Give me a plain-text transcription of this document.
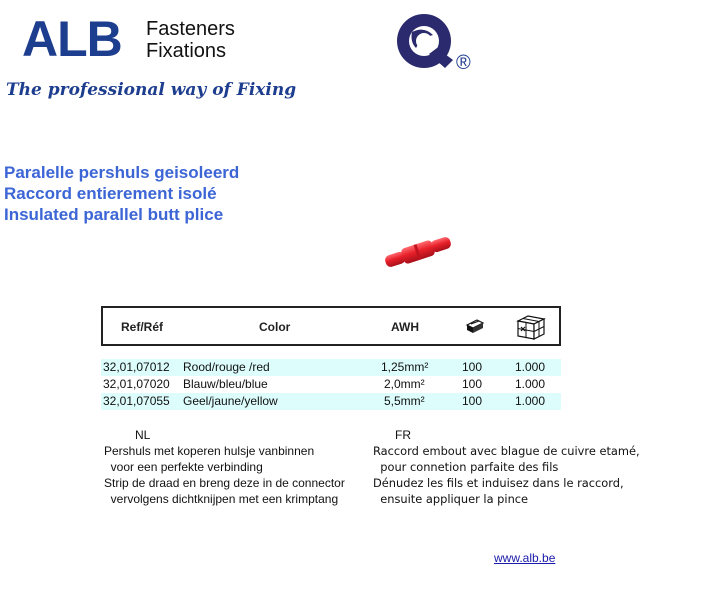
ALB Fasteners
Fixations
®
The professional way of Fixing
Paralelle pershuls geisoleerd
Raccord entierement isolé
Insulated parallel butt plice
Ref/Réf	Color	AWH
32,01,07012 Rood/rouge /red	1,25mm²	100	1.000
32,01,07020 Blauw/bleu/blue	2,0mm²	100	1.000
32,01,07055 Geel/jaune/yellow	5,5mm²	100	1.000
NL	FR
Pershuls met koperen hulsje vanbinnen
voor een perfekte verbinding
Strip de draad en breng deze in de connector
vervolgens dichtknijpen met een krimptang
Raccord embout avec blague de cuivre etamé,
pour connetion parfaite des fils
Dénudez les fils et induisez dans le raccord,
ensuite appliquer la pince
www.alb.be
